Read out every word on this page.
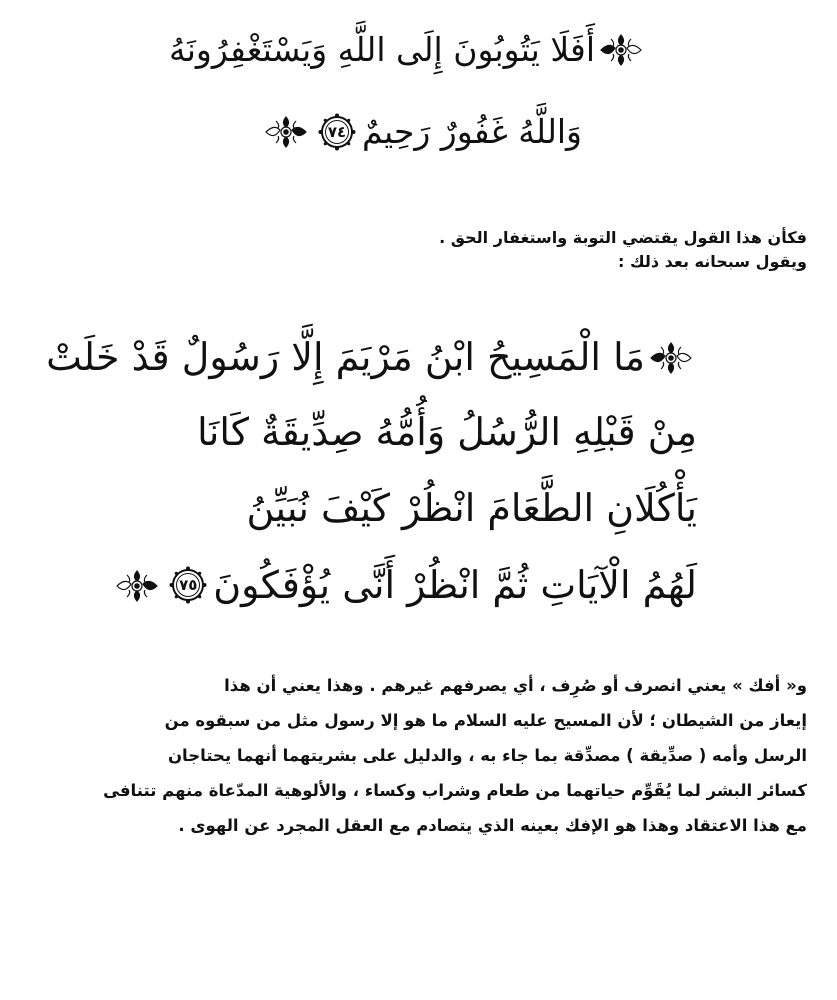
أَفَلَا يَتُوبُونَ إِلَى اللَّهِ وَيَسْتَغْفِرُونَهُ
وَاللَّهُ غَفُورٌ رَحِيمٌ
٧٤
فكأن هذا القول يقتضي التوبة واستغفار الحق .
ويقول سبحانه بعد ذلك :
مَا الْمَسِيحُ ابْنُ مَرْيَمَ إِلَّا رَسُولٌ قَدْ خَلَتْ
مِنْ قَبْلِهِ الرُّسُلُ وَأُمُّهُ صِدِّيقَةٌ كَانَا
يَأْكُلَانِ الطَّعَامَ انْظُرْ كَيْفَ نُبَيِّنُ
لَهُمُ الْآيَاتِ ثُمَّ انْظُرْ أَنَّى يُؤْفَكُونَ
٧٥
و« أفك » يعني انصرف أو صُرِف ، أي يصرفهم غيرهم . وهذا يعني أن هذا
إيعاز من الشيطان ؛ لأن المسيح عليه السلام ما هو إلا رسول مثل من سبقوه من
الرسل وأمه ( صدِّيقة ) مصدِّقة بما جاء به ، والدليل على بشريتهما أنهما يحتاجان
كسائر البشر لما يُقَوِّم حياتهما من طعام وشراب وكساء ، والألوهية المدّعاة منهم تتنافى
مع هذا الاعتقاد وهذا هو الإفك بعينه الذي يتصادم مع العقل المجرد عن الهوى .
